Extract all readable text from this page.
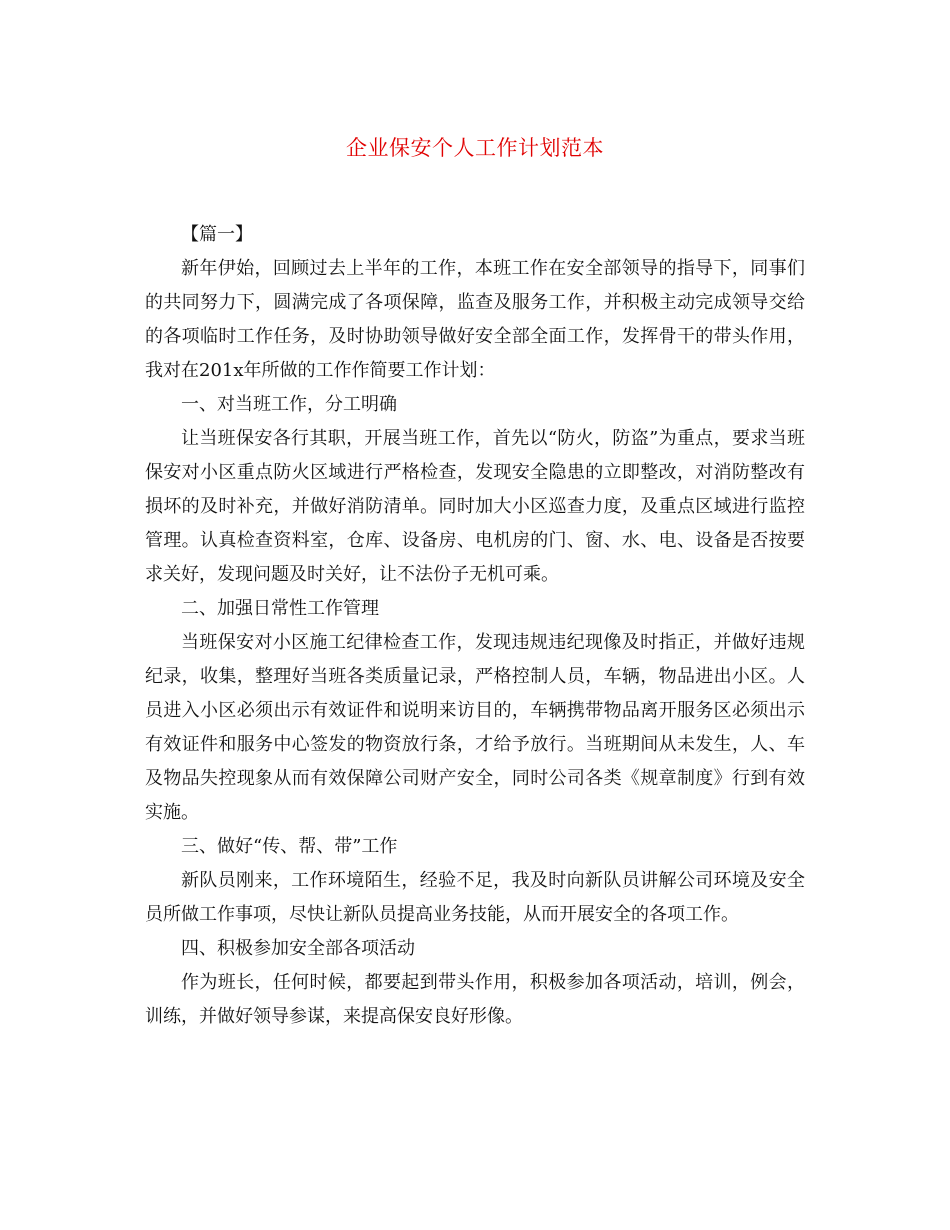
企业保安个人工作计划范本

【篇一】

新年伊始，回顾过去上半年的工作，本班工作在安全部领导的指导下，同事们的共同努力下，圆满完成了各项保障，监查及服务工作，并积极主动完成领导交给的各项临时工作任务，及时协助领导做好安全部全面工作，发挥骨干的带头作用，我对在201x年所做的工作作简要工作计划：

一、对当班工作，分工明确

让当班保安各行其职，开展当班工作，首先以“防火，防盗”为重点，要求当班保安对小区重点防火区域进行严格检查，发现安全隐患的立即整改，对消防整改有损坏的及时补充，并做好消防清单。同时加大小区巡查力度，及重点区域进行监控管理。认真检查资料室，仓库、设备房、电机房的门、窗、水、电、设备是否按要求关好，发现问题及时关好，让不法份子无机可乘。

二、加强日常性工作管理

当班保安对小区施工纪律检查工作，发现违规违纪现像及时指正，并做好违规纪录，收集，整理好当班各类质量记录，严格控制人员，车辆，物品进出小区。人员进入小区必须出示有效证件和说明来访目的，车辆携带物品离开服务区必须出示有效证件和服务中心签发的物资放行条，才给予放行。当班期间从未发生，人、车及物品失控现象从而有效保障公司财产安全，同时公司各类《规章制度》行到有效实施。

三、做好“传、帮、带”工作

新队员刚来，工作环境陌生，经验不足，我及时向新队员讲解公司环境及安全员所做工作事项，尽快让新队员提高业务技能，从而开展安全的各项工作。

四、积极参加安全部各项活动

作为班长，任何时候，都要起到带头作用，积极参加各项活动，培训，例会，训练，并做好领导参谋，来提高保安良好形像。
